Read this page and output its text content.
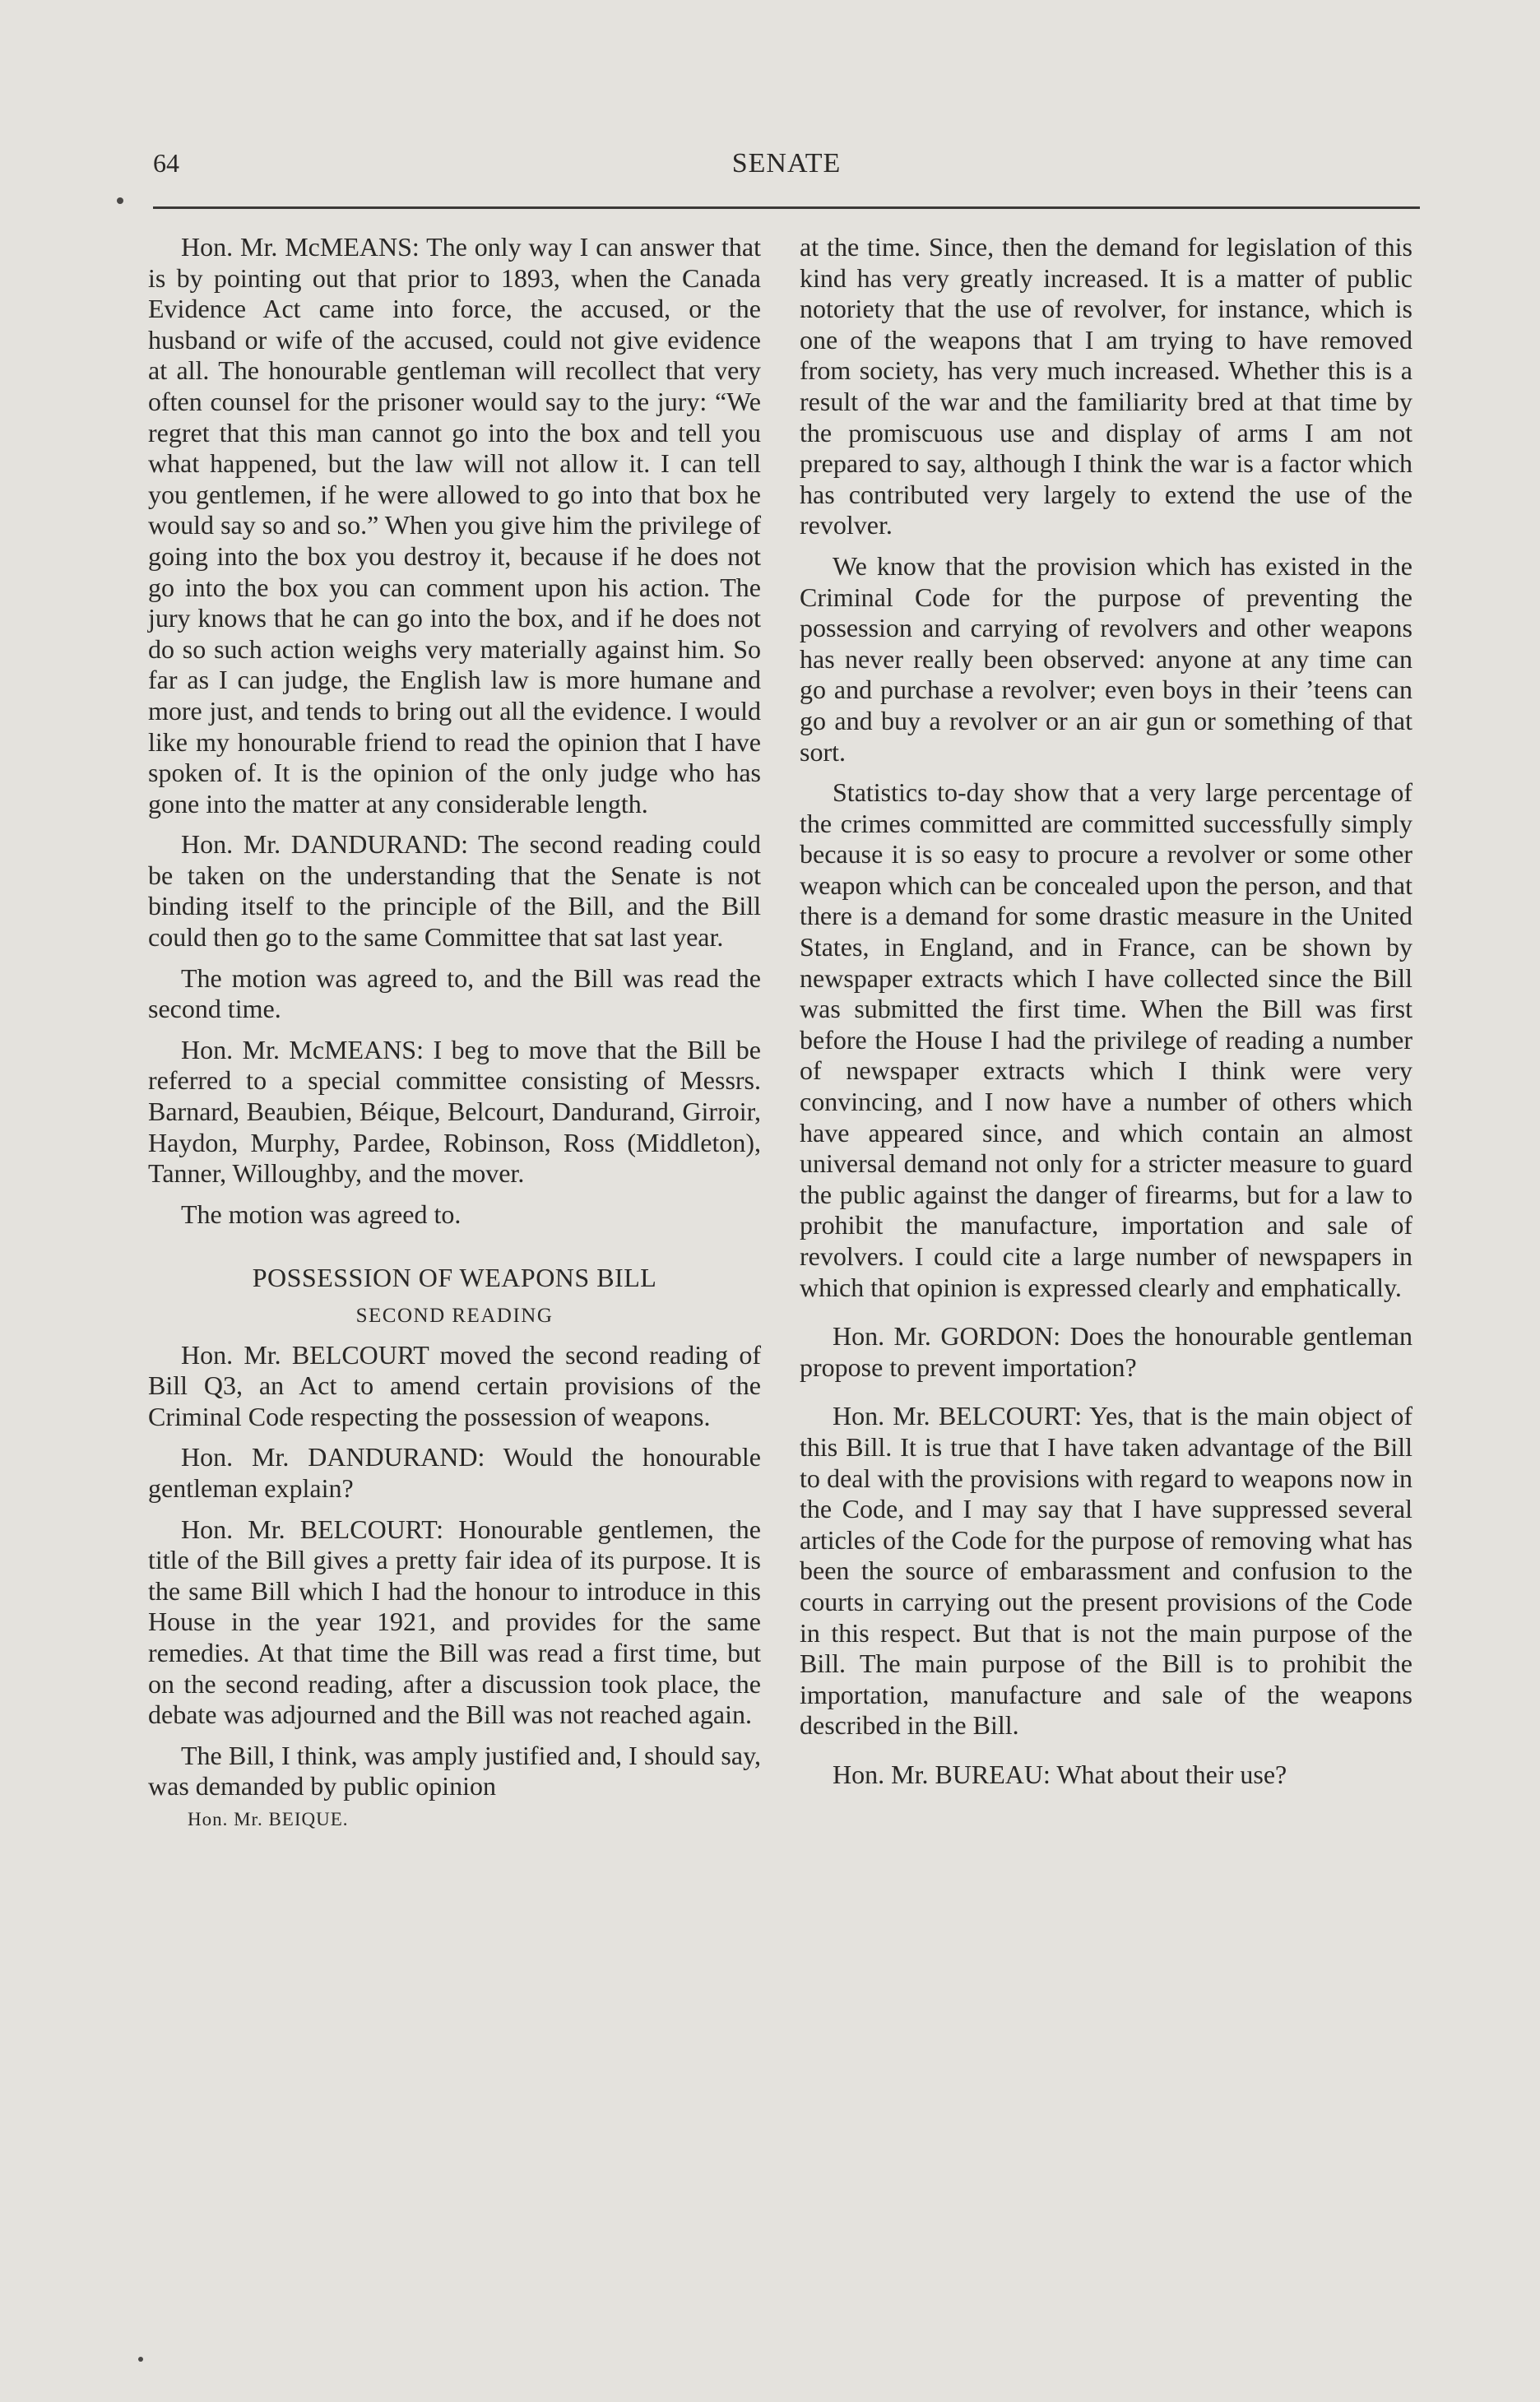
64	SENATE

Hon. Mr. McMEANS: The only way I can answer that is by pointing out that prior to 1893, when the Canada Evidence Act came into force, the accused, or the husband or wife of the accused, could not give evidence at all. The honourable gentleman will recollect that very often counsel for the prisoner would say to the jury: “We regret that this man cannot go into the box and tell you what happened, but the law will not allow it. I can tell you gentlemen, if he were allowed to go into that box he would say so and so.” When you give him the privilege of going into the box you destroy it, because if he does not go into the box you can comment upon his action. The jury knows that he can go into the box, and if he does not do so such action weighs very materially against him. So far as I can judge, the English law is more humane and more just, and tends to bring out all the evidence. I would like my honourable friend to read the opinion that I have spoken of. It is the opinion of the only judge who has gone into the matter at any considerable length.

Hon. Mr. DANDURAND: The second reading could be taken on the understanding that the Senate is not binding itself to the principle of the Bill, and the Bill could then go to the same Committee that sat last year.

The motion was agreed to, and the Bill was read the second time.

Hon. Mr. McMEANS: I beg to move that the Bill be referred to a special committee consisting of Messrs. Barnard, Beaubien, Béique, Belcourt, Dandurand, Girroir, Haydon, Murphy, Pardee, Robinson, Ross (Middleton), Tanner, Willoughby, and the mover.

The motion was agreed to.

POSSESSION OF WEAPONS BILL
SECOND READING

Hon. Mr. BELCOURT moved the second reading of Bill Q3, an Act to amend certain provisions of the Criminal Code respecting the possession of weapons.

Hon. Mr. DANDURAND: Would the honourable gentleman explain?

Hon. Mr. BELCOURT: Honourable gentlemen, the title of the Bill gives a pretty fair idea of its purpose. It is the same Bill which I had the honour to introduce in this House in the year 1921, and provides for the same remedies. At that time the Bill was read a first time, but on the second reading, after a discussion took place, the debate was adjourned and the Bill was not reached again.

The Bill, I think, was amply justified and, I should say, was demanded by public opinion

Hon. Mr. BEIQUE.

at the time. Since, then the demand for legislation of this kind has very greatly increased. It is a matter of public notoriety that the use of revolver, for instance, which is one of the weapons that I am trying to have removed from society, has very much increased. Whether this is a result of the war and the familiarity bred at that time by the promiscuous use and display of arms I am not prepared to say, although I think the war is a factor which has contributed very largely to extend the use of the revolver.

We know that the provision which has existed in the Criminal Code for the purpose of preventing the possession and carrying of revolvers and other weapons has never really been observed: anyone at any time can go and purchase a revolver; even boys in their ’teens can go and buy a revolver or an air gun or something of that sort.

Statistics to-day show that a very large percentage of the crimes committed are committed successfully simply because it is so easy to procure a revolver or some other weapon which can be concealed upon the person, and that there is a demand for some drastic measure in the United States, in England, and in France, can be shown by newspaper extracts which I have collected since the Bill was submitted the first time. When the Bill was first before the House I had the privilege of reading a number of newspaper extracts which I think were very convincing, and I now have a number of others which have appeared since, and which contain an almost universal demand not only for a stricter measure to guard the public against the danger of firearms, but for a law to prohibit the manufacture, importation and sale of revolvers. I could cite a large number of newspapers in which that opinion is expressed clearly and emphatically.

Hon. Mr. GORDON: Does the honourable gentleman propose to prevent importation?

Hon. Mr. BELCOURT: Yes, that is the main object of this Bill. It is true that I have taken advantage of the Bill to deal with the provisions with regard to weapons now in the Code, and I may say that I have suppressed several articles of the Code for the purpose of removing what has been the source of embarassment and confusion to the courts in carrying out the present provisions of the Code in this respect. But that is not the main purpose of the Bill. The main purpose of the Bill is to prohibit the importation, manufacture and sale of the weapons described in the Bill.

Hon. Mr. BUREAU: What about their use?
